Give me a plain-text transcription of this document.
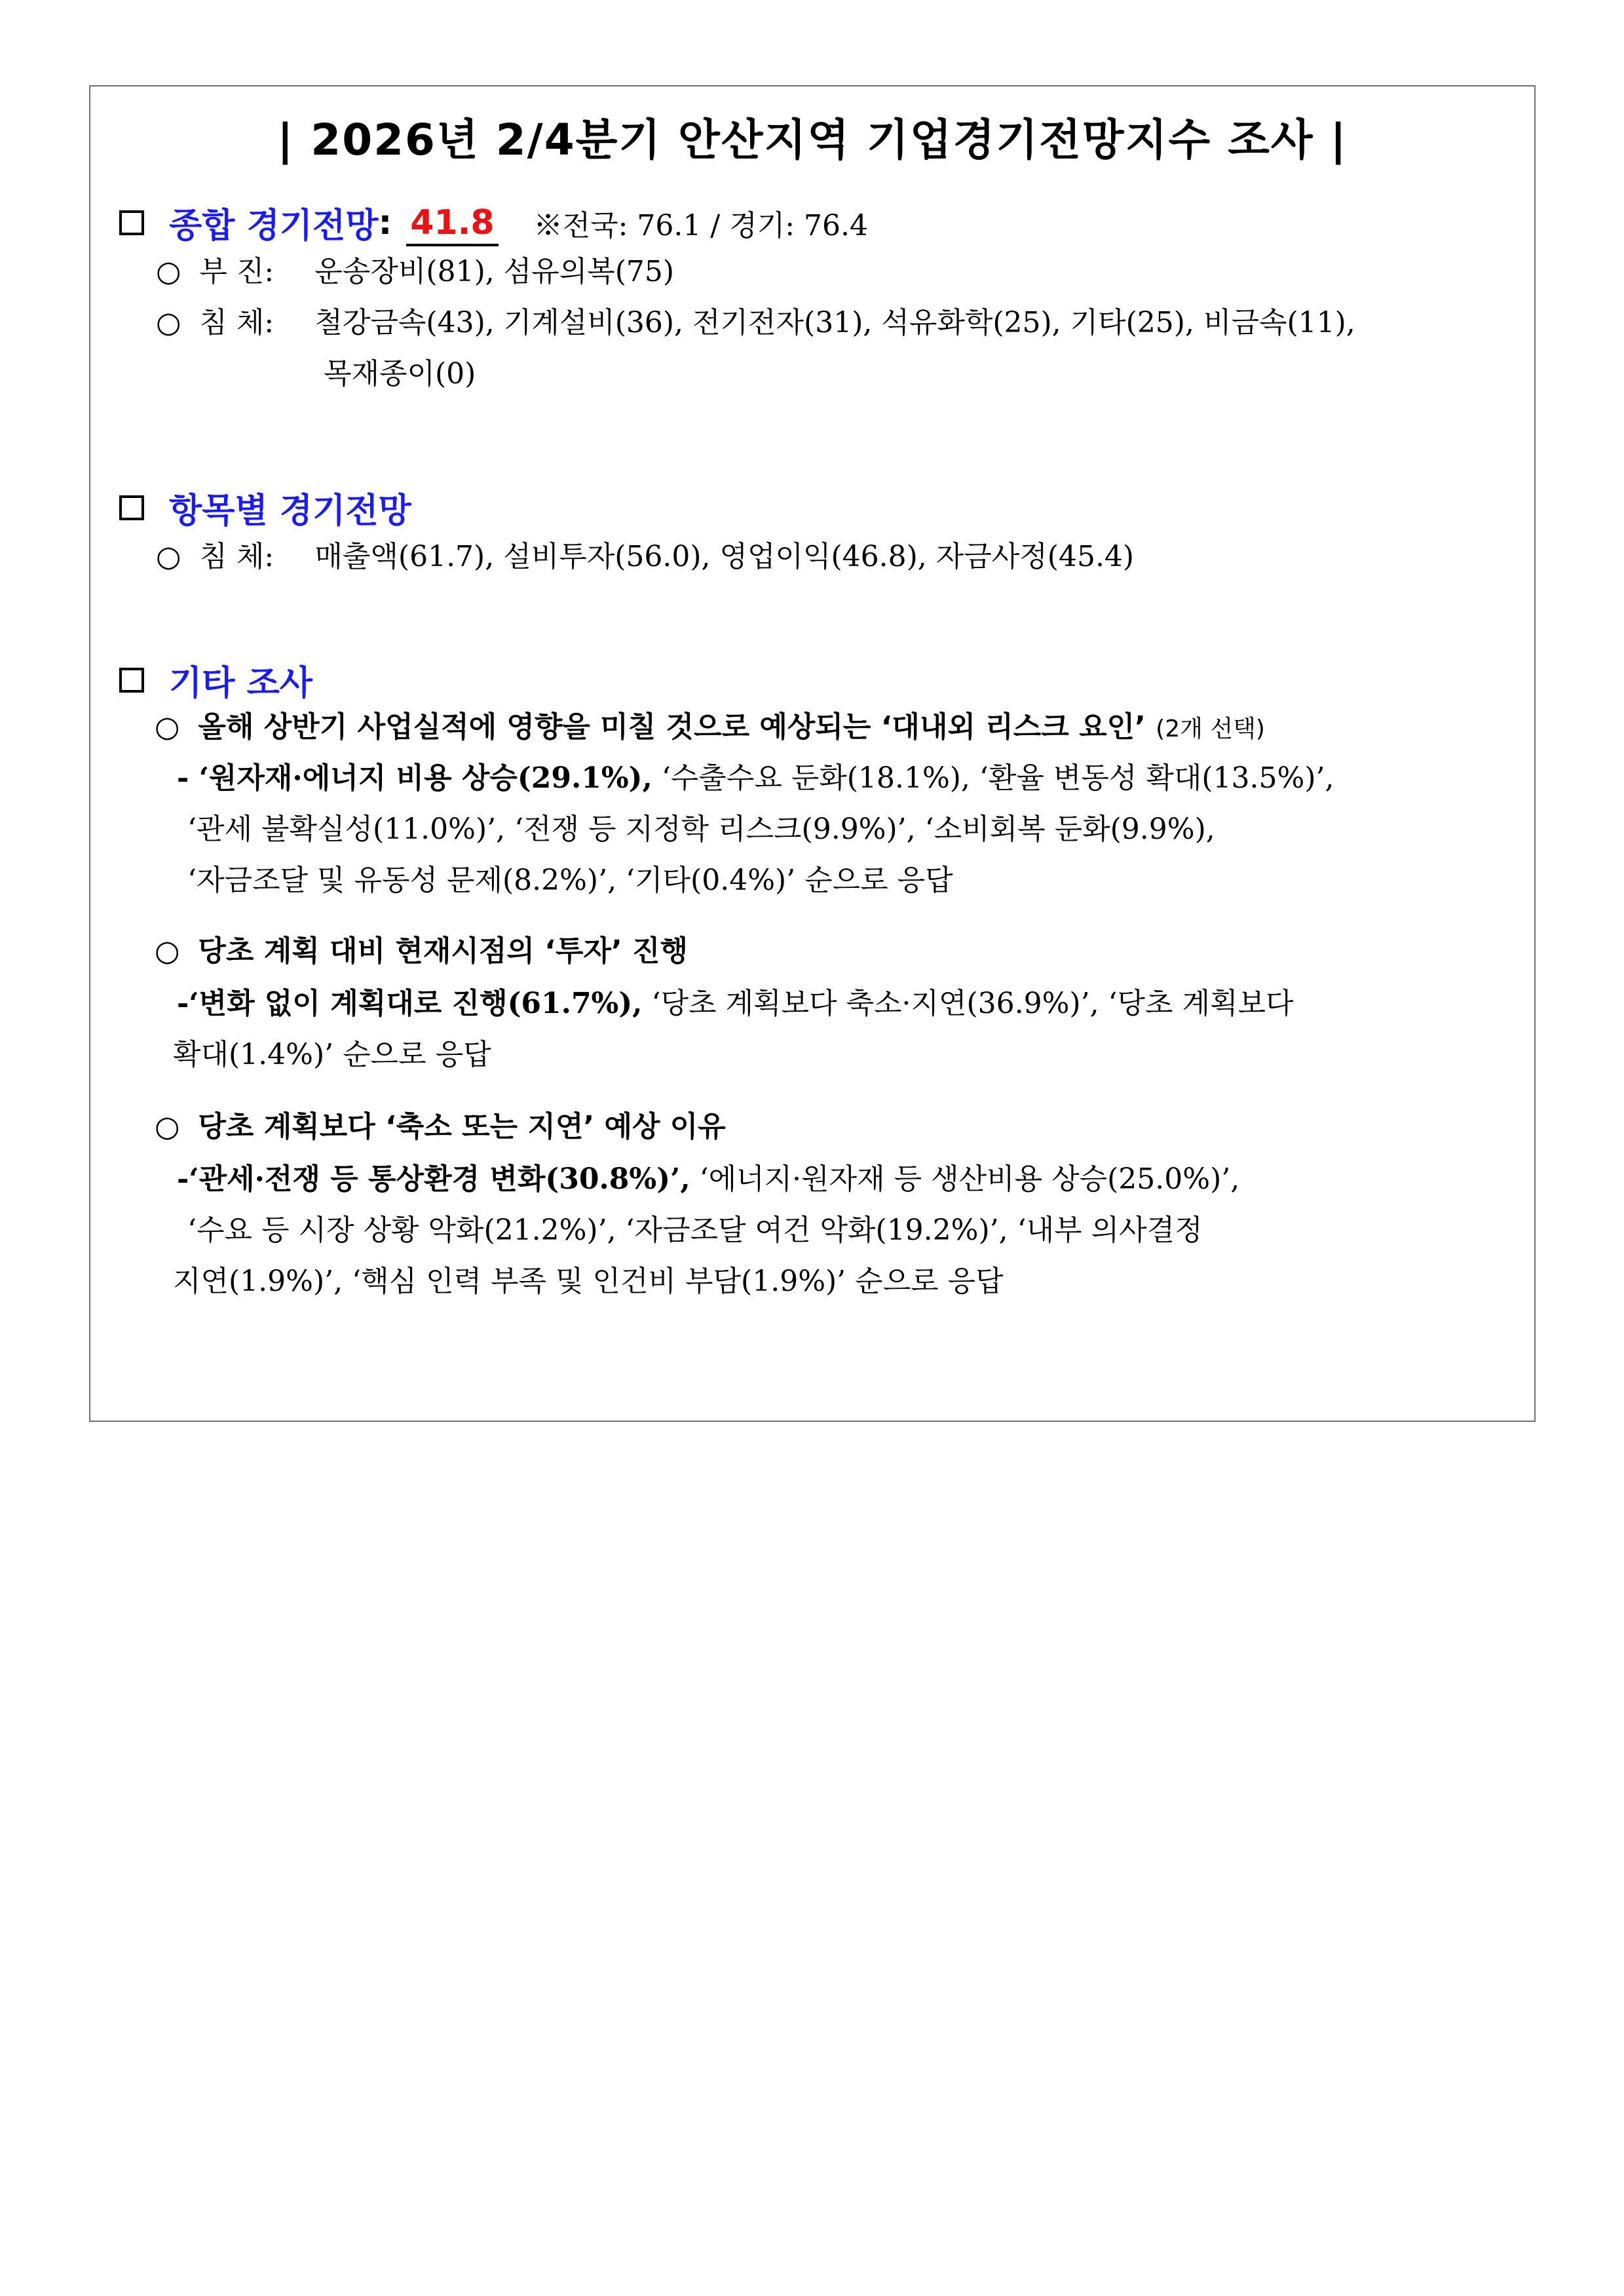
| 2026년 2/4분기 안산지역 기업경기전망지수 조사 |
종합 경기전망 : 41.8 ※전국: 76.1 / 경기: 76.4
○ 부 진: 운송장비(81), 섬유의복(75)
○ 침 체: 철강금속(43), 기계설비(36), 전기전자(31), 석유화학(25), 기타(25), 비금속(11),
목재종이(0)
항목별 경기전망
○ 침 체: 매출액(61.7), 설비투자(56.0), 영업이익(46.8), 자금사정(45.4)
기타 조사
○ 올해 상반기 사업실적에 영향을 미칠 것으로 예상되는 ‘대내외 리스크 요인’ (2개 선택)
- ‘원자재·에너지 비용 상승(29.1%), ‘수출수요 둔화(18.1%), ‘환율 변동성 확대(13.5%)’,
‘관세 불확실성(11.0%)’, ‘전쟁 등 지정학 리스크(9.9%)’, ‘소비회복 둔화(9.9%),
‘자금조달 및 유동성 문제(8.2%)’, ‘기타(0.4%)’ 순으로 응답
○ 당초 계획 대비 현재시점의 ‘투자’ 진행
-‘변화 없이 계획대로 진행(61.7%), ‘당초 계획보다 축소·지연(36.9%)’, ‘당초 계획보다
확대(1.4%)’ 순으로 응답
○ 당초 계획보다 ‘축소 또는 지연’ 예상 이유
-‘관세·전쟁 등 통상환경 변화(30.8%)’, ‘에너지·원자재 등 생산비용 상승(25.0%)’,
‘수요 등 시장 상황 악화(21.2%)’, ‘자금조달 여건 악화(19.2%)’, ‘내부 의사결정
지연(1.9%)’, ‘핵심 인력 부족 및 인건비 부담(1.9%)’ 순으로 응답
